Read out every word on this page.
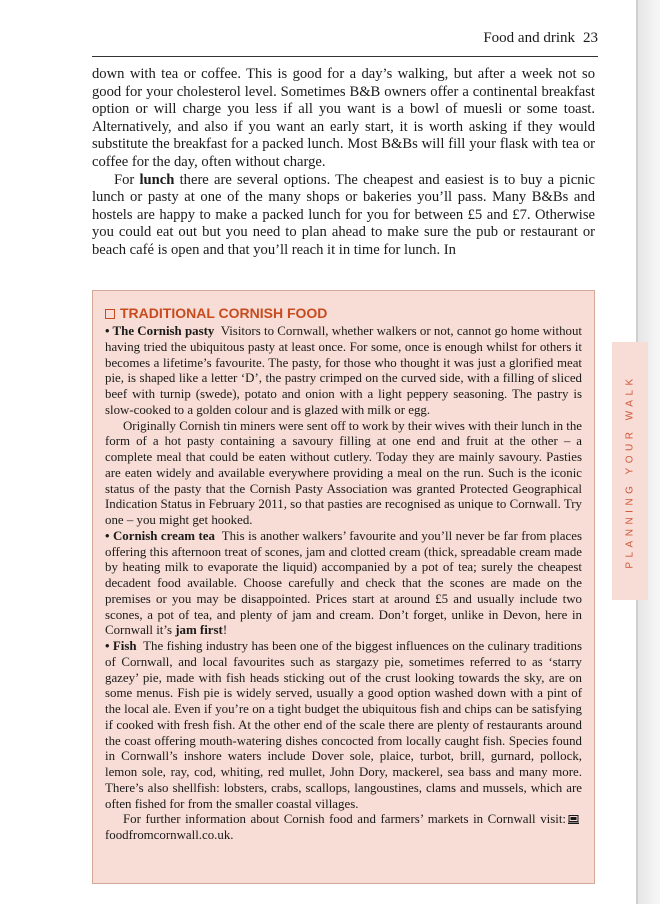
Food and drink 23

down with tea or coffee. This is good for a day’s walking, but after a week not so good for your cholesterol level. Sometimes B&B owners offer a continental breakfast option or will charge you less if all you want is a bowl of muesli or some toast. Alternatively, and also if you want an early start, it is worth asking if they would substitute the breakfast for a packed lunch. Most B&Bs will fill your flask with tea or coffee for the day, often without charge.

For lunch there are several options. The cheapest and easiest is to buy a picnic lunch or pasty at one of the many shops or bakeries you’ll pass. Many B&Bs and hostels are happy to make a packed lunch for you for between £5 and £7. Otherwise you could eat out but you need to plan ahead to make sure the pub or restaurant or beach café is open and that you’ll reach it in time for lunch. In

TRADITIONAL CORNISH FOOD

• The Cornish pasty Visitors to Cornwall, whether walkers or not, cannot go home without having tried the ubiquitous pasty at least once. For some, once is enough whilst for others it becomes a lifetime’s favourite. The pasty, for those who thought it was just a glorified meat pie, is shaped like a letter ‘D’, the pastry crimped on the curved side, with a filling of sliced beef with turnip (swede), potato and onion with a light peppery seasoning. The pastry is slow-cooked to a golden colour and is glazed with milk or egg.

Originally Cornish tin miners were sent off to work by their wives with their lunch in the form of a hot pasty containing a savoury filling at one end and fruit at the other – a complete meal that could be eaten without cutlery. Today they are mainly savoury. Pasties are eaten widely and available everywhere providing a meal on the run. Such is the iconic status of the pasty that the Cornish Pasty Association was granted Protected Geographical Indication Status in February 2011, so that pasties are recognised as unique to Cornwall. Try one – you might get hooked.

• Cornish cream tea This is another walkers’ favourite and you’ll never be far from places offering this afternoon treat of scones, jam and clotted cream (thick, spreadable cream made by heating milk to evaporate the liquid) accompanied by a pot of tea; surely the cheapest decadent food available. Choose carefully and check that the scones are made on the premises or you may be disappointed. Prices start at around £5 and usually include two scones, a pot of tea, and plenty of jam and cream. Don’t forget, unlike in Devon, here in Cornwall it’s jam first!

• Fish The fishing industry has been one of the biggest influences on the culinary traditions of Cornwall, and local favourites such as stargazy pie, sometimes referred to as ‘starry gazey’ pie, made with fish heads sticking out of the crust looking towards the sky, are on some menus. Fish pie is widely served, usually a good option washed down with a pint of the local ale. Even if you’re on a tight budget the ubiquitous fish and chips can be satisfying if cooked with fresh fish. At the other end of the scale there are plenty of restaurants around the coast offering mouth-watering dishes concocted from locally caught fish. Species found in Cornwall’s inshore waters include Dover sole, plaice, turbot, brill, gurnard, pollock, lemon sole, ray, cod, whiting, red mullet, John Dory, mackerel, sea bass and many more. There’s also shellfish: lobsters, crabs, scallops, langoustines, clams and mussels, which are often fished for from the smaller coastal villages.

For further information about Cornish food and farmers’ markets in Cornwall visit:foodfromcornwall.co.uk.

PLANNING YOUR WALK
